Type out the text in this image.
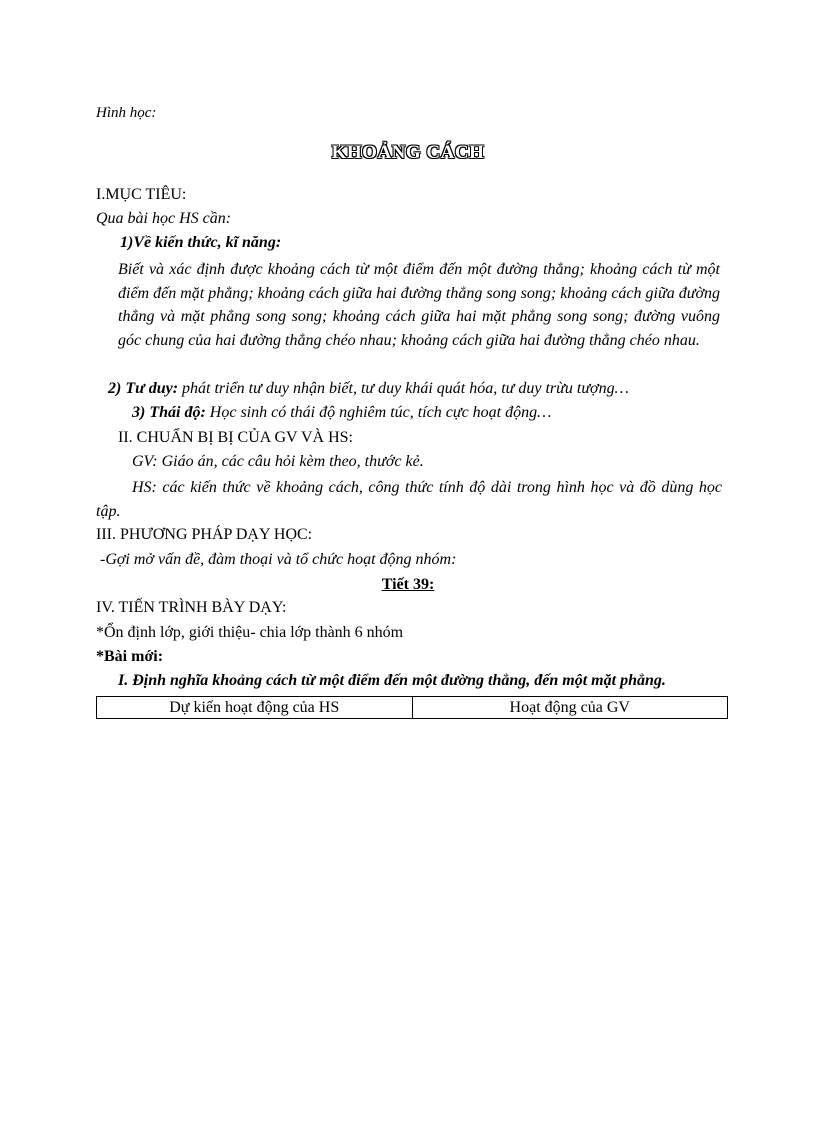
Hình học:
KHOẢNG CÁCH
I.MỤC TIÊU:
Qua bài học HS cần:
1)Về kiến thức, kĩ năng:
Biết và xác định được khoảng cách từ một điểm đến một đường thẳng; khoảng cách từ một điểm đến mặt phẳng; khoảng cách giữa hai đường thẳng song song; khoảng cách giữa đường thẳng và mặt phẳng song song; khoảng cách giữa hai mặt phẳng song song; đường vuông góc chung của hai đường thẳng chéo nhau; khoảng cách giữa hai đường thẳng chéo nhau.
2) Tư duy: phát triển tư duy nhận biết, tư duy khái quát hóa, tư duy trừu tượng…
3) Thái độ: Học sinh có thái độ nghiêm túc, tích cực hoạt động…
II. CHUẨN BỊ BỊ CỦA GV VÀ HS:
GV: Giáo án, các câu hỏi kèm theo, thước kẻ.
HS: các kiến thức về khoảng cách, công thức tính độ dài trong hình học và đồ dùng học tập.
III. PHƯƠNG PHÁP DẠY HỌC:
-Gợi mở vấn đề, đàm thoại và tổ chức hoạt động nhóm:
Tiết 39:
IV. TIẾN TRÌNH BÀY DẠY:
*Ổn định lớp, giới thiệu- chia lớp thành 6 nhóm
*Bài mới:
I. Định nghĩa khoảng cách từ một điểm đến một đường thẳng, đến một mặt phẳng.
Dự kiến hoạt động của HS	Hoạt động của GV
